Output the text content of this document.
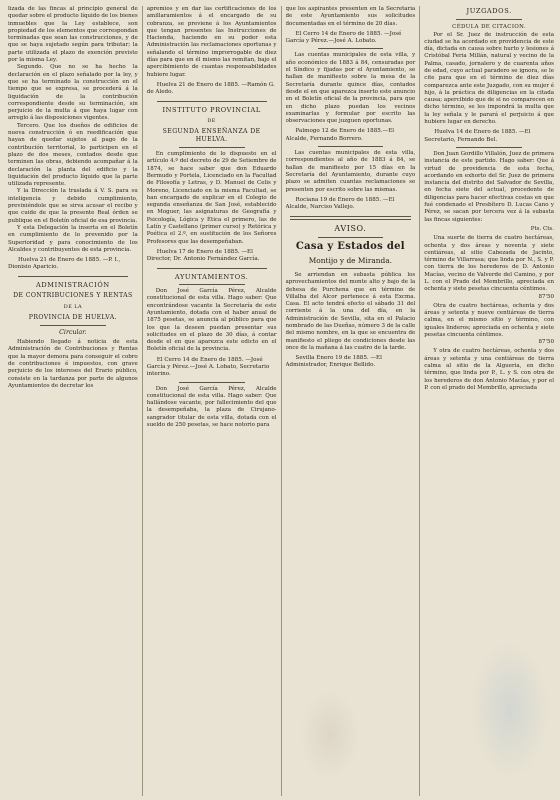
lizada de las fincas al principio general de quedar sobre el producto líquido de los bienes inmuebles que la Ley establece, son propiedad de los elementos que correspondan terminadas que sean las construcciones, y de que se haya sujetado según para tributar; la parte utilizada el plazo de exención previsto por la misma Ley.

Segundo. Que no se ha hecho la declaración en el plazo señalado por la ley, y que se ha terminado la construcción en el tiempo que se expresa, se procederá á la liquidación de la contribución correspondiente desde su terminación, sin perjuicio de la multa á que haya lugar con arreglo á las disposiciones vigentes.

Tercero. Que los dueños de edificios de nueva construcción ó en reedificación que hayan de quedar sujetos al pago de la contribución territorial, lo participen en el plazo de dos meses, contados desde que terminen las obras, debiendo acompañar á la declaración la planta del edificio y la liquidación del producto líquido que la parte utilizada represente.

Y la Dirección la traslada á V. S. para su inteligencia y debido cumplimiento, previniéndole que se sirva acusar el recibo y que cuide de que la presente Real órden se publique en el Boletín oficial de esa provincia.

Y esta Delegación la inserta en el Boletín en cumplimiento de lo prevenido por la Superioridad y para conocimiento de los Alcaldes y contribuyentes de esta provincia.

Huelva 21 de Enero de 1885. —P. I., Dionisio Aparicio.

ADMINISTRACIÓN
DE CONTRIBUCIONES Y RENTAS
DE LA
PROVINCIA DE HUELVA.
Circular.

Habiendo llegado á noticia de esta Administración de Contribuciones y Rentas que la mayor demora para conseguir el cobro de contribuciones é impuestos, con grave perjuicio de los intereses del Erario público, consiste en la tardanza por parte de algunos Ayuntamientos de decretar los

apremios y en dar las certificaciones de los amillaramientos á el encargado de su cobranza, se previene á los Ayuntamientos que tengan presentes las Instrucciones de Hacienda, haciendo en su poder esta Administración las reclamaciones oportunas y señalando el término improrrogable de diez días para que en él mismo las remitan, bajo el apercibimiento de cuantas responsabilidades hubiere lugar.

Huelva 21 de Enero de 1885. —Ramón G. de Aledo.

INSTITUTO PROVINCIAL
DE
SEGUNDA ENSEÑANZA DE HUELVA.

En cumplimiento de lo dispuesto en el artículo 4.º del decreto de 29 de Setiembre de 1874, se hace saber que don Eduardo Bermudo y Portela, Licenciado en la Facultad de Filosofía y Letras, y D. Manuel de Celis y Moreno, Licenciado en la misma Facultad, se han encargado de explicar en el Colegio de segunda enseñanza de San José, establecido en Moguer, las asignaturas de Geografía y Psicología, Lógica y Ética el primero, las de Latín y Castellano (primer curso) y Retórica y Poética el 2.º, en sustitución de los Señores Profesores que las desempeñaban.

Huelva 17 de Enero de 1885. —El Director, Dr. Antonio Fernández García.

AYUNTAMIENTOS.

Don José García Pérez, Alcalde constitucional de esta villa. Hago saber: Que encontrándose vacante la Secretaría de este Ayuntamiento, dotada con el haber anual de 1875 pesetas, se anuncia al público para que los que la deseen puedan presentar sus solicitudes en el plazo de 30 días, á contar desde el en que aparezca este edicto en el Boletín oficial de la provincia.

El Cerro 14 de Enero de 1885. —José García y Pérez.—José A. Lobato, Secretario interino.

Don José García Pérez, Alcalde constitucional de esta villa. Hago saber: Que hallándose vacante, por fallecimiento del que la desempeñaba, la plaza de Cirujano-sangrador titular de esta villa, dotada con el sueldo de 250 pesetas, se hace notorio para

que los aspirantes presenten en la Secretaría de este Ayuntamiento sus solicitudes documentadas en el término de 20 días.

El Cerro 14 de Enero de 1885. —José García y Pérez.—José A. Lobato.

Las cuentas municipales de esta villa, y año económico de 1883 á 84, censuradas por el Síndico y fijadas por el Ayuntamiento, se hallan de manifiesto sobre la mesa de la Secretaría durante quince días, contados desde el en que aparezca inserto este anuncio en el Boletín oficial de la provincia, para que en dicho plazo puedan los vecinos examinarlas y formular por escrito las observaciones que juzguen oportunas.

Palmogo 12 de Enero de 1885.—El Alcalde, Fernando Borrero.

Las cuentas municipales de esta villa, correspondientes al año de 1883 á 84, se hallan de manifiesto por 15 días en la Secretaría del Ayuntamiento, durante cuyo plazo se admiten cuantas reclamaciones se presenten por escrito sobre las mismas.

Rociana 19 de Enero de 1885. —El Alcalde, Narciso Vallejo.

AVISO.
Casa y Estados del
Montijo y de Miranda.

Se arriendan en subasta pública los aprovechamientos del monte alto y bajo de la dehesa de Purchena que en término de Villalba del Alcor pertenece á esta Excma. Casa. El acto tendrá efecto el sábado 31 del corriente á la una del día, en la Administración de Sevilla, sita en el Palacio nombrado de las Dueñas, número 3 de la calle del mismo nombre, en la que se encuentra de manifiesto el pliego de condiciones desde las once de la mañana á las cuatro de la tarde.

Sevilla Enero 19 de 1885. —El Administrador, Enrique Bellido.

JUZGADOS.
CÉDULA DE CITACION.

Por el Sr. Juez de instrucción de esta ciudad se ha acordado en providencia de este día, dictada en causa sobre hurto y lesiones á Cristóbal Feria Millán, natural y vecino de la Palma, casado, jornalero y de cuarenta años de edad, cuyo actual paradero se ignora, se le cite para que en el término de diez días comparezca ante este Juzgado, con su mujer é hijo, á la práctica de diligencias en la citada causa; apercibido que de si no comparecen en dicho término, se les impondrá la multa que la ley señala y le parará el perjuicio á que hubiere lugar en derecho.

Huelva 14 de Enero de 1885. —El Secretario, Fernando Bel.

Don Juan Gordillo Villalón, Juez de primera instancia de este partido. Hago saber: Que á virtud de providencia de esta fecha, acordando en exhorto del Sr. Juez de primera instancia del distrito del Salvador de Sevilla, en fecha siete del actual, procedente de diligencias para hacer efectivas costas en que fué condenado el Presbítero D. Lucas Cano y Pérez, se sacan por tercera vez á la subasta las fincas siguientes:

Pts. Cts.
Una suerte de tierra de cuatro hectáreas, ochenta y dos áreas y noventa y siete centiáreas, al sitio Cabezada de Jacinto, término de Villarrasa; que linda por N., S. y P. con tierra de los herederos de D. Antonio Macías, vecino de Valverde del Camino, y por L. con el Prado del Membrillo, apreciada en ochenta y siete pesetas cincuenta céntimos.
87'50
Otra de cuatro hectáreas, ochenta y dos áreas y setenta y nueve centiáreas de tierra calma, en el mismo sitio y término, con iguales linderos; apreciada en ochenta y siete pesetas cincuenta céntimos.
87'50
Y otra de cuatro hectáreas, ochenta y dos áreas y setenta y una centiáreas de tierra calma al sitio de la Algueria, en dicho término, que linda por P., L. y S. con otra de los herederos de don Antonio Macías, y por el P. con el prado del Membrillo, apreciada
